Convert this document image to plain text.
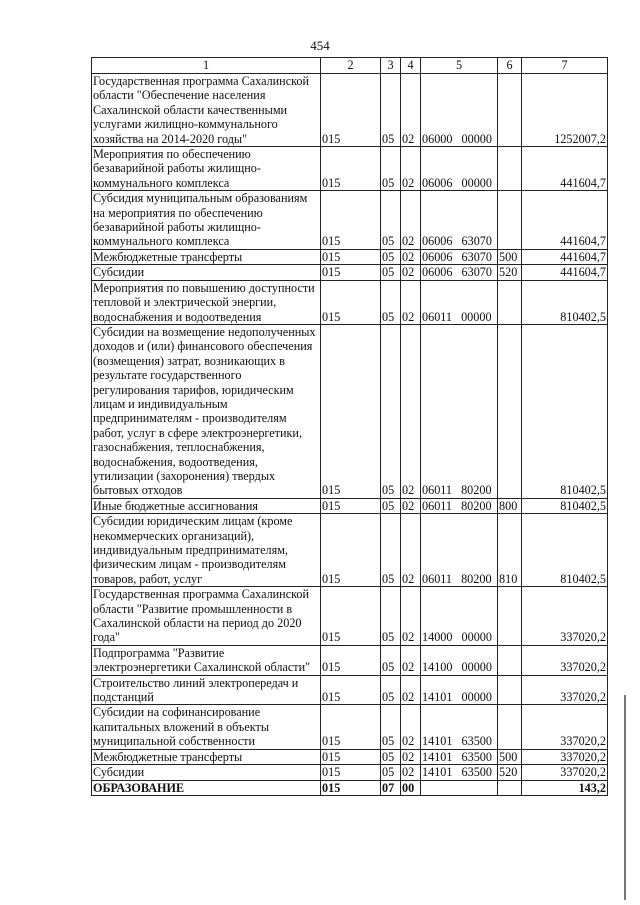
454
1	2	3	4	5	6	7
Государственная программа Сахалинской области "Обеспечение населения Сахалинской области качественными услугами жилищно-коммунального хозяйства на 2014-2020 годы"	015	05	02	06000 00000		1252007,2
Мероприятия по обеспечению безаварийной работы жилищно-коммунального комплекса	015	05	02	06006 00000		441604,7
Субсидия муниципальным образованиям на мероприятия по обеспечению безаварийной работы жилищно-коммунального комплекса	015	05	02	06006 63070		441604,7
Межбюджетные трансферты	015	05	02	06006 63070	500	441604,7
Субсидии	015	05	02	06006 63070	520	441604,7
Мероприятия по повышению доступности тепловой и электрической энергии, водоснабжения и водоотведения	015	05	02	06011 00000		810402,5
Субсидии на возмещение недополученных доходов и (или) финансового обеспечения (возмещения) затрат, возникающих в результате государственного регулирования тарифов, юридическим лицам и индивидуальным предпринимателям - производителям работ, услуг в сфере электроэнергетики, газоснабжения, теплоснабжения, водоснабжения, водоотведения, утилизации (захоронения) твердых бытовых отходов	015	05	02	06011 80200		810402,5
Иные бюджетные ассигнования	015	05	02	06011 80200	800	810402,5
Субсидии юридическим лицам (кроме некоммерческих организаций), индивидуальным предпринимателям, физическим лицам - производителям товаров, работ, услуг	015	05	02	06011 80200	810	810402,5
Государственная программа Сахалинской области "Развитие промышленности в Сахалинской области на период до 2020 года"	015	05	02	14000 00000		337020,2
Подпрограмма "Развитие электроэнергетики Сахалинской области"	015	05	02	14100 00000		337020,2
Строительство линий электропередач и подстанций	015	05	02	14101 00000		337020,2
Субсидии на софинансирование капитальных вложений в объекты муниципальной собственности	015	05	02	14101 63500		337020,2
Межбюджетные трансферты	015	05	02	14101 63500	500	337020,2
Субсидии	015	05	02	14101 63500	520	337020,2
ОБРАЗОВАНИЕ	015	07	00			143,2
